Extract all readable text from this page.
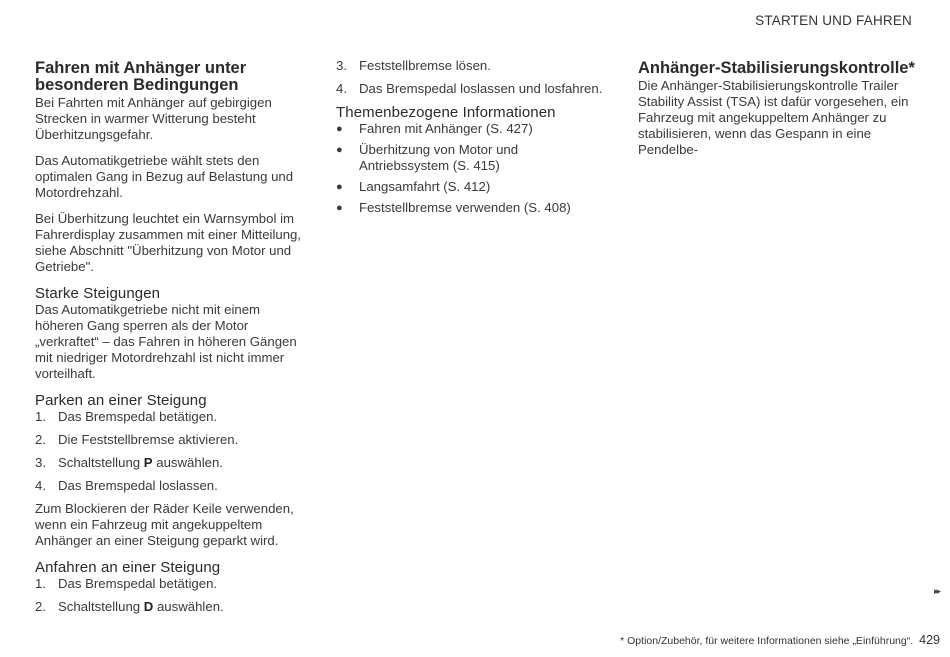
STARTEN UND FAHREN
Fahren mit Anhänger unter besonderen Bedingungen

Bei Fahrten mit Anhänger auf gebirgigen Strecken in warmer Witterung besteht Überhitzungsgefahr.

Das Automatikgetriebe wählt stets den optimalen Gang in Bezug auf Belastung und Motordrehzahl.

Bei Überhitzung leuchtet ein Warnsymbol im Fahrerdisplay zusammen mit einer Mitteilung, siehe Abschnitt "Überhitzung von Motor und Getriebe".

Starke Steigungen

Das Automatikgetriebe nicht mit einem höheren Gang sperren als der Motor „verkraftet“ – das Fahren in höheren Gängen mit niedriger Motordrehzahl ist nicht immer vorteilhaft.

Parken an einer Steigung
1. Das Bremspedal betätigen.
2. Die Feststellbremse aktivieren.
3. Schaltstellung P auswählen.
4. Das Bremspedal loslassen.

Zum Blockieren der Räder Keile verwenden, wenn ein Fahrzeug mit angekuppeltem Anhänger an einer Steigung geparkt wird.

Anfahren an einer Steigung
1. Das Bremspedal betätigen.
2. Schaltstellung D auswählen.
3. Feststellbremse lösen.
4. Das Bremspedal loslassen und losfahren.
Themenbezogene Informationen
●	Fahren mit Anhänger (S. 427)
●	Überhitzung von Motor und Antriebssystem (S. 415)
●	Langsamfahrt (S. 412)
●	Feststellbremse verwenden (S. 408)
Anhänger-Stabilisierungskontrolle*

Die Anhänger-Stabilisierungskontrolle Trailer Stability Assist (TSA) ist dafür vorgesehen, ein Fahrzeug mit angekuppeltem Anhänger zu stabilisieren, wenn das Gespann in eine Pendelbe-

▸▸
* Option/Zubehör, für weitere Informationen siehe „Einführung“. 429
